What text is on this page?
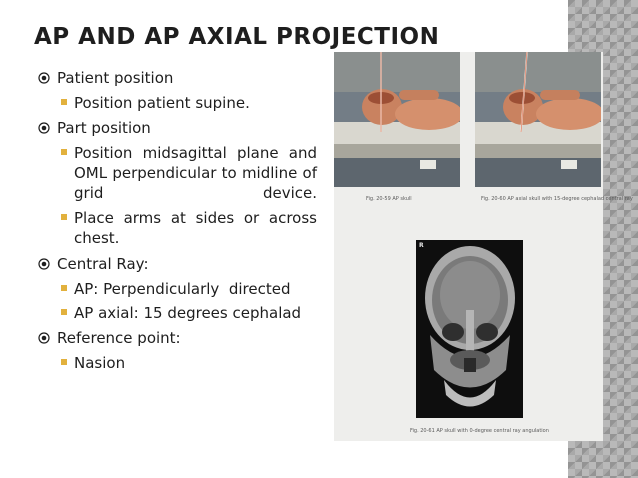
AP AND AP AXIAL PROJECTION
Patient position
Position patient supine.
Part position
Position midsagittal plane and OML perpendicular to midline of grid device.
Place arms at sides or across chest.
Central Ray:
AP: Perpendicularly  directed
AP axial: 15 degrees cephalad
Reference point:
Nasion
Fig. 20-59 AP skull	Fig. 20-60 AP axial skull with 15-degree cephalad central ray
R
Fig. 20-61 AP skull with 0-degree central ray angulation
